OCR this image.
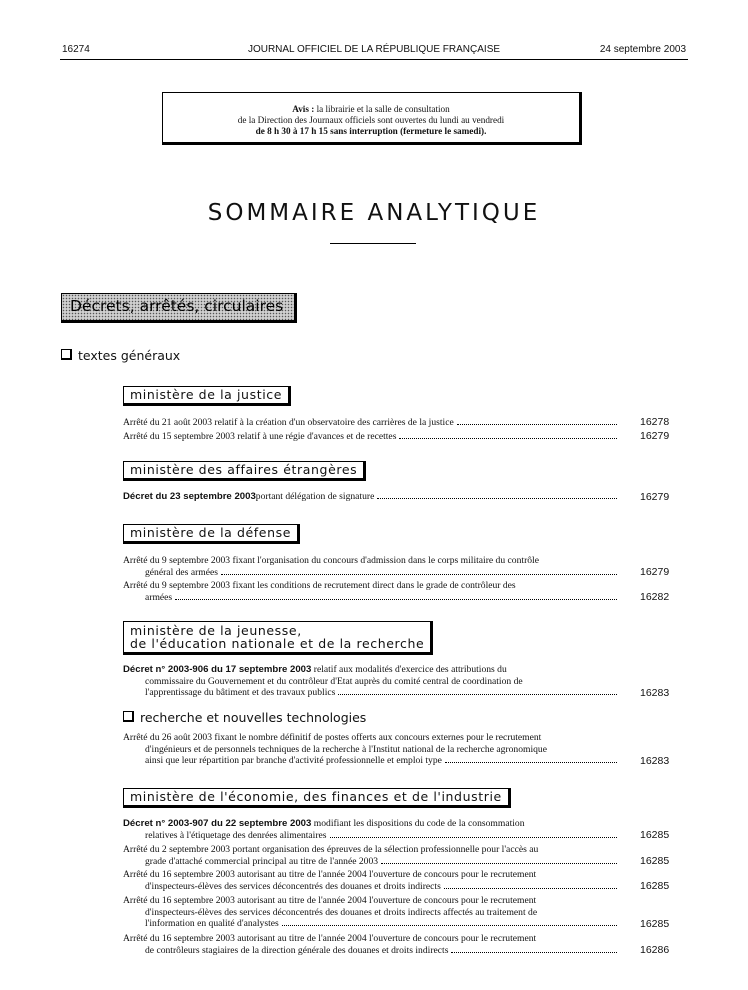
16274	JOURNAL OFFICIEL DE LA RÉPUBLIQUE FRANÇAISE	24 septembre 2003
Avis : la librairie et la salle de consultation
de la Direction des Journaux officiels sont ouvertes du lundi au vendredi
de 8 h 30 à 17 h 15 sans interruption (fermeture le samedi).
SOMMAIRE ANALYTIQUE
Décrets, arrêtés, circulaires
textes généraux
ministère de la justice
Arrêté du 21 août 2003 relatif à la création d'un observatoire des carrières de la justice	16278
Arrêté du 15 septembre 2003 relatif à une régie d'avances et de recettes	16279
ministère des affaires étrangères
Décret du 23 septembre 2003 portant délégation de signature	16279
ministère de la défense
Arrêté du 9 septembre 2003 fixant l'organisation du concours d'admission dans le corps militaire du contrôle
général des armées	16279
Arrêté du 9 septembre 2003 fixant les conditions de recrutement direct dans le grade de contrôleur des
armées	16282
ministère de la jeunesse,
de l'éducation nationale et de la recherche
Décret n° 2003-906 du 17 septembre 2003 relatif aux modalités d'exercice des attributions du
commissaire du Gouvernement et du contrôleur d'Etat auprès du comité central de coordination de
l'apprentissage du bâtiment et des travaux publics	16283
recherche et nouvelles technologies
Arrêté du 26 août 2003 fixant le nombre définitif de postes offerts aux concours externes pour le recrutement
d'ingénieurs et de personnels techniques de la recherche à l'Institut national de la recherche agronomique
ainsi que leur répartition par branche d'activité professionnelle et emploi type	16283
ministère de l'économie, des finances et de l'industrie
Décret n° 2003-907 du 22 septembre 2003 modifiant les dispositions du code de la consommation
relatives à l'étiquetage des denrées alimentaires	16285
Arrêté du 2 septembre 2003 portant organisation des épreuves de la sélection professionnelle pour l'accès au
grade d'attaché commercial principal au titre de l'année 2003	16285
Arrêté du 16 septembre 2003 autorisant au titre de l'année 2004 l'ouverture de concours pour le recrutement
d'inspecteurs-élèves des services déconcentrés des douanes et droits indirects	16285
Arrêté du 16 septembre 2003 autorisant au titre de l'année 2004 l'ouverture de concours pour le recrutement
d'inspecteurs-élèves des services déconcentrés des douanes et droits indirects affectés au traitement de
l'information en qualité d'analystes	16285
Arrêté du 16 septembre 2003 autorisant au titre de l'année 2004 l'ouverture de concours pour le recrutement
de contrôleurs stagiaires de la direction générale des douanes et droits indirects	16286
